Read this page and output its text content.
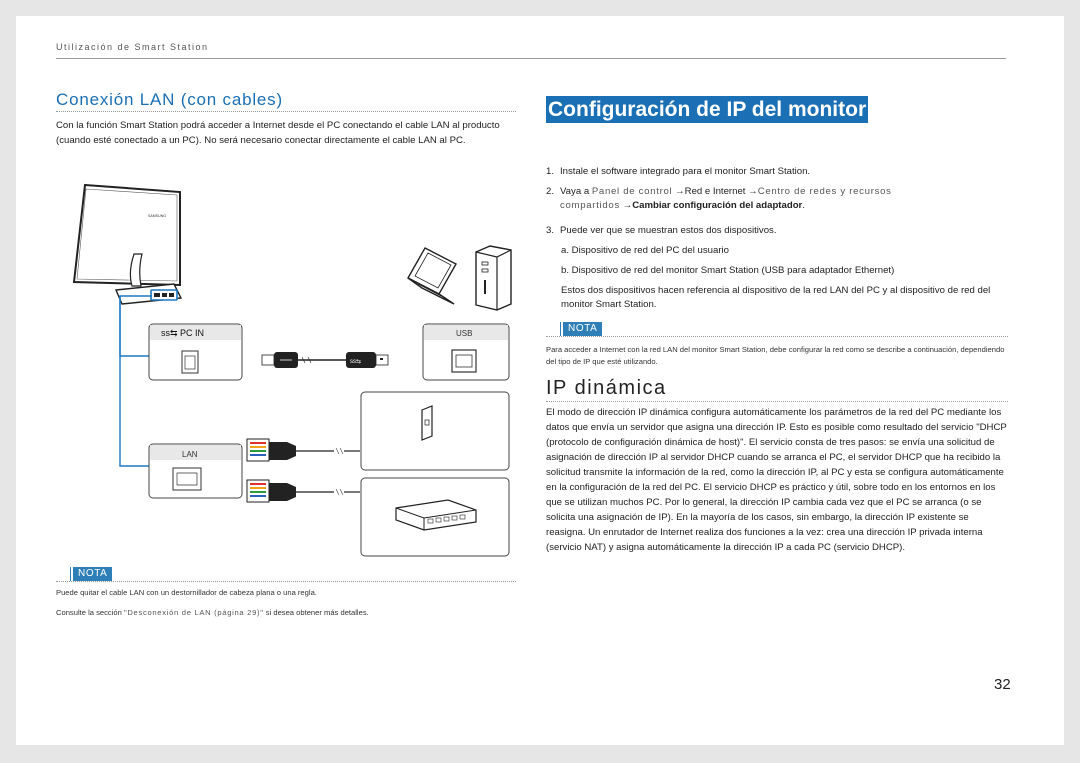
Utilización de Smart Station
Conexión LAN (con cables)
Con la función Smart Station podrá acceder a Internet desde el PC conectando el cable LAN al producto (cuando esté conectado a un PC). No será necesario conectar directamente el cable LAN al PC.
SAMSUNG
ss⇆ PC IN
ss⇆
USB
LAN
NOTA
Puede quitar el cable LAN con un destornillador de cabeza plana o una regla.
Consulte la sección "Desconexión de LAN (página 29)" si desea obtener más detalles.
Configuración de IP del monitor
1. Instale el software integrado para el monitor Smart Station.
2. Vaya a Panel de control →Red e Internet →Centro de redes y recursos
compartidos →Cambiar configuración del adaptador.
3. Puede ver que se muestran estos dos dispositivos.
a. Dispositivo de red del PC del usuario
b. Dispositivo de red del monitor Smart Station (USB para adaptador Ethernet)
Estos dos dispositivos hacen referencia al dispositivo de la red LAN del PC y al dispositivo de red del monitor Smart Station.
NOTA
Para acceder a Internet con la red LAN del monitor Smart Station, debe configurar la red como se describe a continuación, dependiendo del tipo de IP que esté utilizando.
IP dinámica
El modo de dirección IP dinámica configura automáticamente los parámetros de la red del PC mediante los datos que envía un servidor que asigna una dirección IP. Esto es posible como resultado del servicio "DHCP (protocolo de configuración dinámica de host)". El servicio consta de tres pasos: se envía una solicitud de asignación de dirección IP al servidor DHCP cuando se arranca el PC, el servidor DHCP que ha recibido la solicitud transmite la información de la red, como la dirección IP, al PC y esta se configura automáticamente en la configuración de la red del PC. El servicio DHCP es práctico y útil, sobre todo en los entornos en los que se utilizan muchos PC. Por lo general, la dirección IP cambia cada vez que el PC se arranca (o se solicita una asignación de IP). En la mayoría de los casos, sin embargo, la dirección IP existente se reasigna. Un enrutador de Internet realiza dos funciones a la vez: crea una dirección IP privada interna (servicio NAT) y asigna automáticamente la dirección IP a cada PC (servicio DHCP).
32
